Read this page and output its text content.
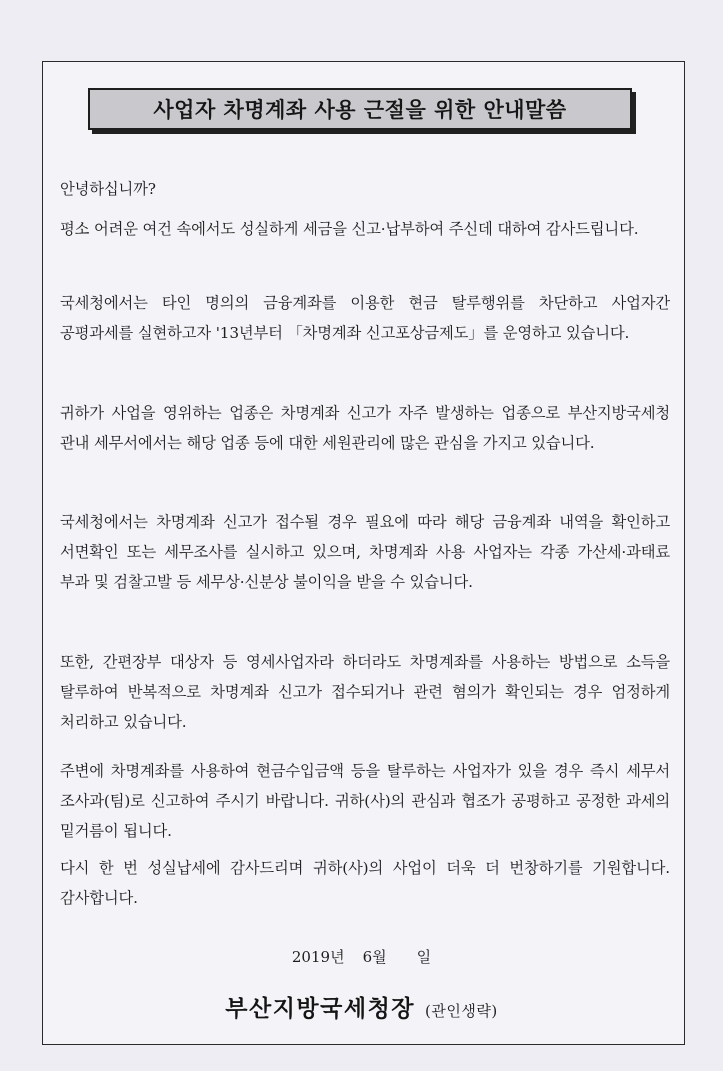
사업자 차명계좌 사용 근절을 위한 안내말씀

안녕하십니까?

평소 어려운 여건 속에서도 성실하게 세금을 신고·납부하여 주신데 대하여 감사드립니다.

국세청에서는 타인 명의의 금융계좌를 이용한 현금 탈루행위를 차단하고 사업자간 공평과세를 실현하고자 '13년부터 「차명계좌 신고포상금제도」를 운영하고 있습니다.

귀하가 사업을 영위하는 업종은 차명계좌 신고가 자주 발생하는 업종으로 부산지방국세청 관내 세무서에서는 해당 업종 등에 대한 세원관리에 많은 관심을 가지고 있습니다.

국세청에서는 차명계좌 신고가 접수될 경우 필요에 따라 해당 금융계좌 내역을 확인하고 서면확인 또는 세무조사를 실시하고 있으며, 차명계좌 사용 사업자는 각종 가산세·과태료 부과 및 검찰고발 등 세무상·신분상 불이익을 받을 수 있습니다.

또한, 간편장부 대상자 등 영세사업자라 하더라도 차명계좌를 사용하는 방법으로 소득을 탈루하여 반복적으로 차명계좌 신고가 접수되거나 관련 혐의가 확인되는 경우 엄정하게 처리하고 있습니다.

주변에 차명계좌를 사용하여 현금수입금액 등을 탈루하는 사업자가 있을 경우 즉시 세무서 조사과(팀)로 신고하여 주시기 바랍니다. 귀하(사)의 관심과 협조가 공평하고 공정한 과세의 밑거름이 됩니다.

다시 한 번 성실납세에 감사드리며 귀하(사)의 사업이 더욱 더 번창하기를 기원합니다. 감사합니다.

2019년 6월 일
부산지방국세청장 (관인생략)
